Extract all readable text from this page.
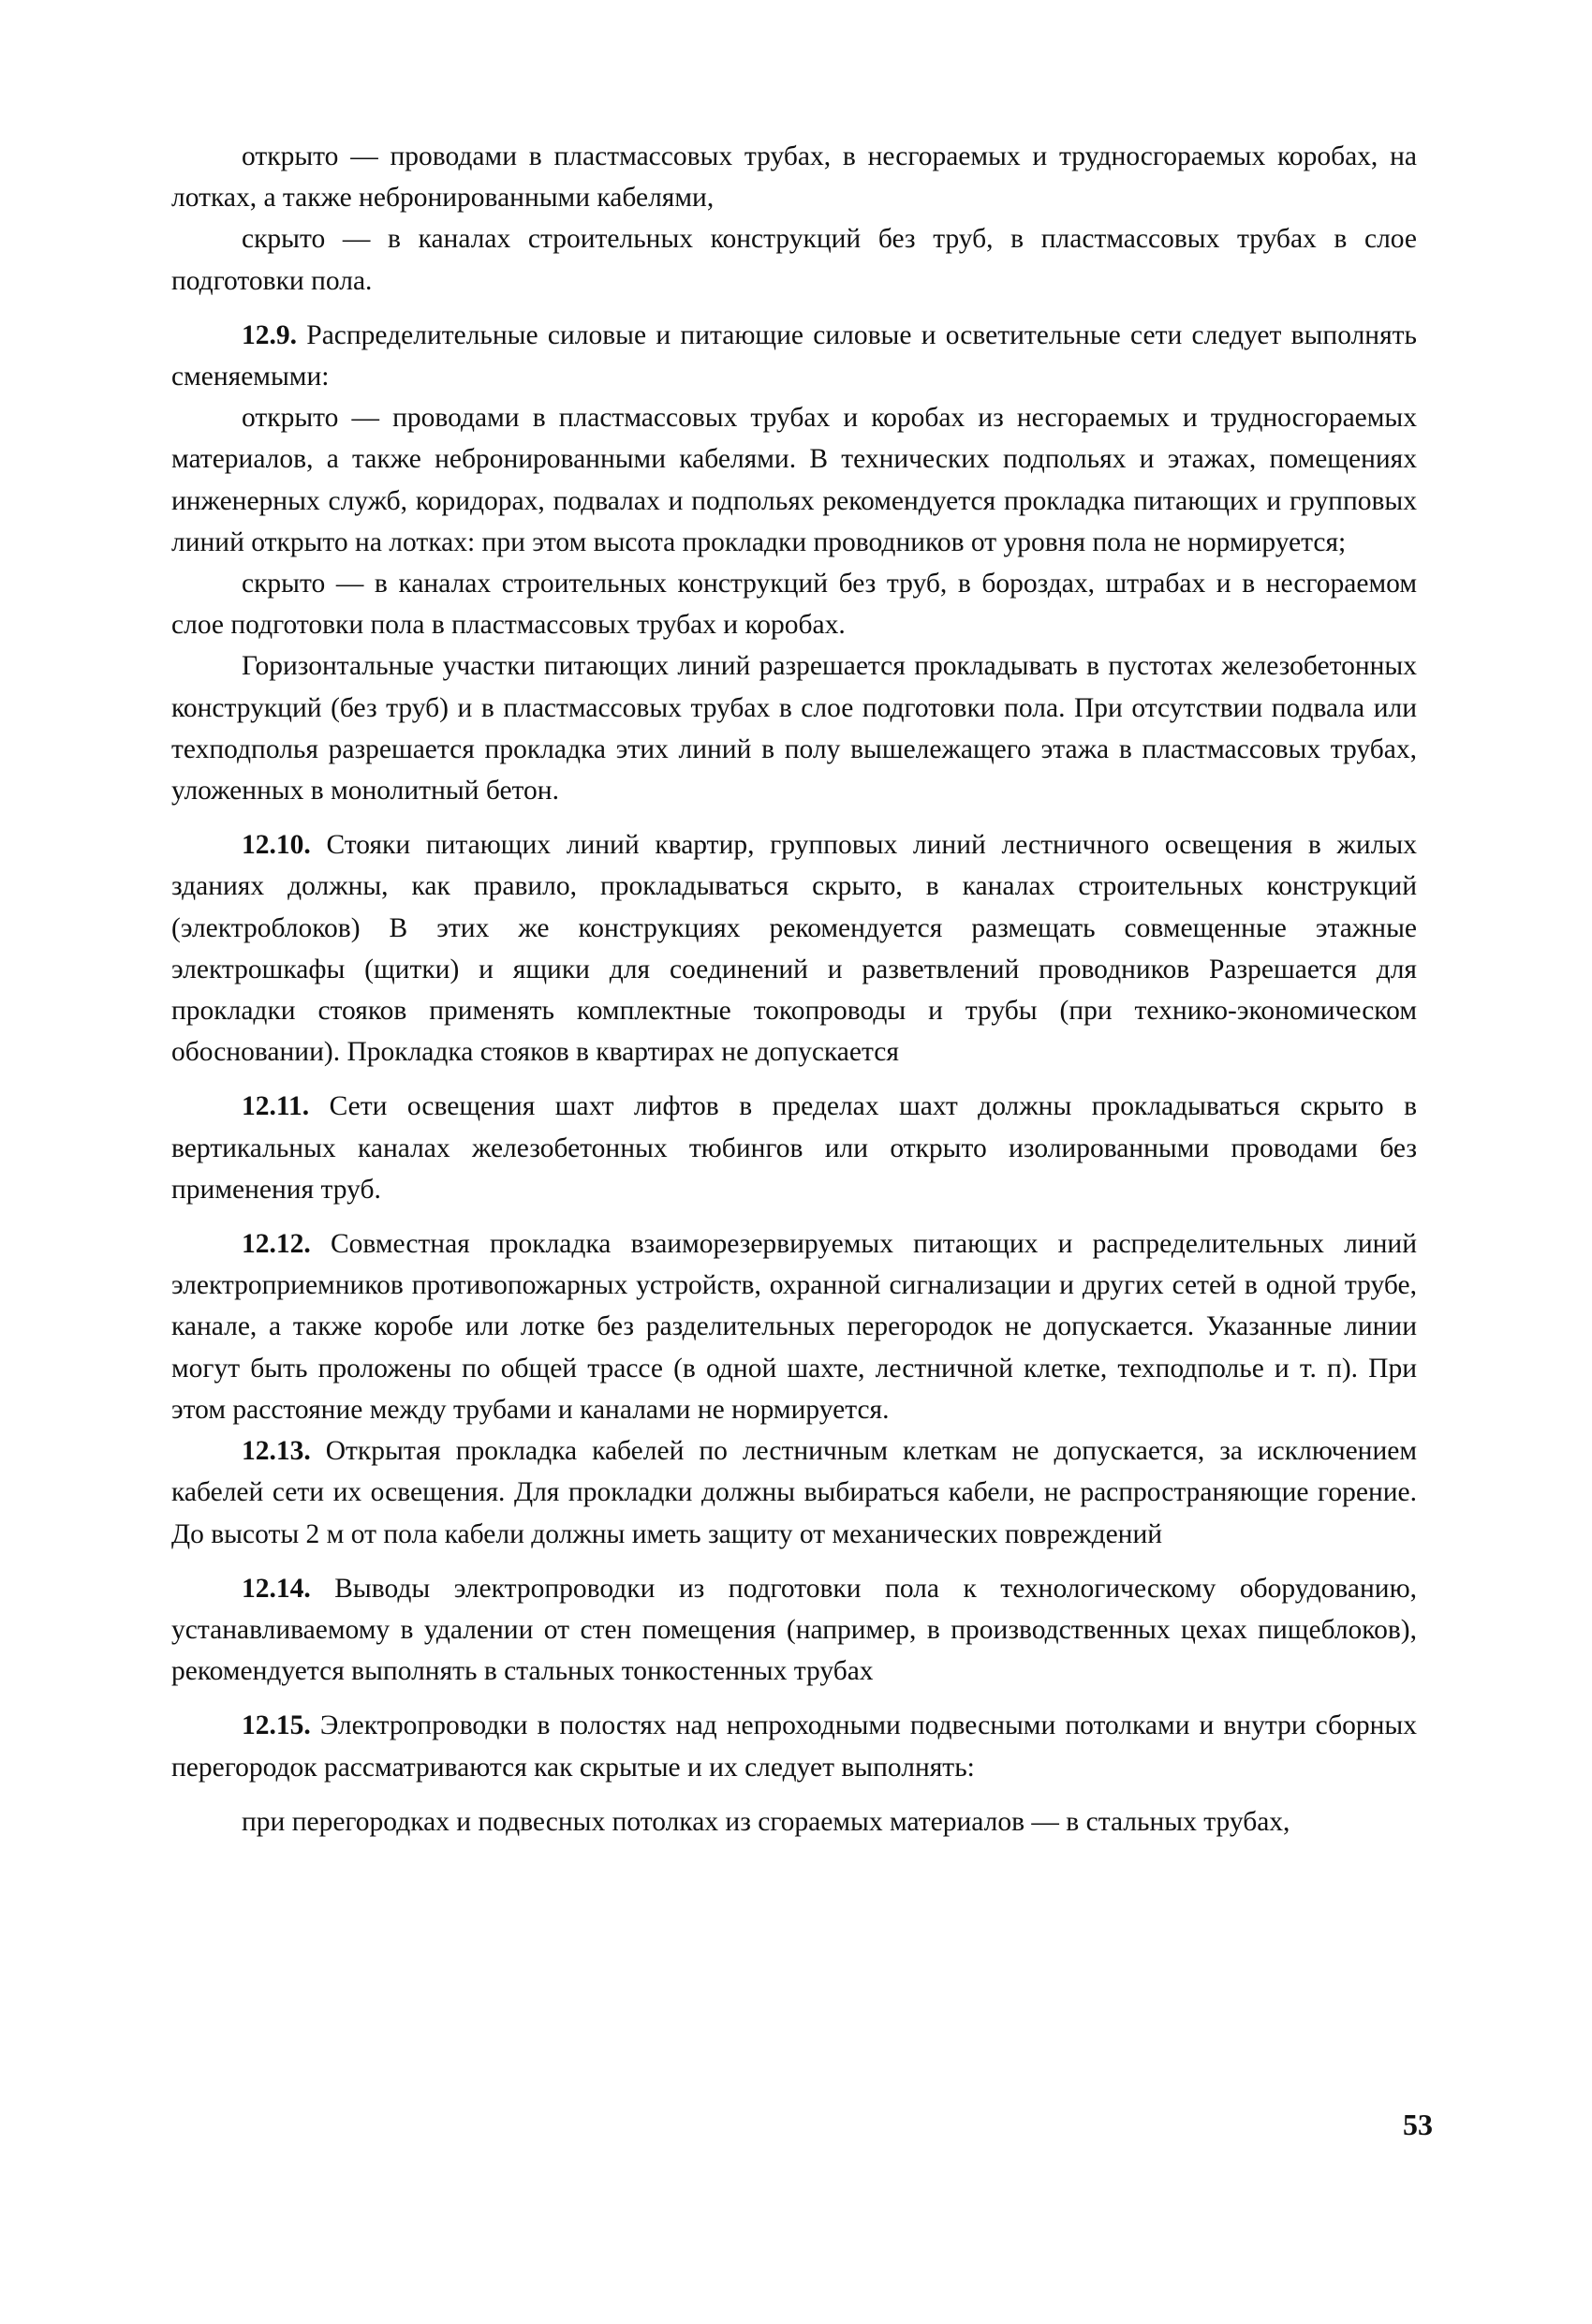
открыто — проводами в пластмассовых трубах, в несгораемых и трудносгораемых коробах, на лотках, а также небронированными кабелями,

скрыто — в каналах строительных конструкций без труб, в пластмассовых трубах в слое подготовки пола.

12.9. Распределительные силовые и питающие силовые и осветительные сети следует выполнять сменяемыми:

открыто — проводами в пластмассовых трубах и коробах из несгораемых и трудносгораемых материалов, а также небронированными кабелями. В технических подпольях и этажах, помещениях инженерных служб, коридорах, подвалах и подпольях рекомендуется прокладка питающих и групповых линий открыто на лотках: при этом высота прокладки проводников от уровня пола не нормируется;

скрыто — в каналах строительных конструкций без труб, в бороздах, штрабах и в несгораемом слое подготовки пола в пластмассовых трубах и коробах.

Горизонтальные участки питающих линий разрешается прокладывать в пустотах железобетонных конструкций (без труб) и в пластмассовых трубах в слое подготовки пола. При отсутствии подвала или техподполья разрешается прокладка этих линий в полу вышележащего этажа в пластмассовых трубах, уложенных в монолитный бетон.

12.10. Стояки питающих линий квартир, групповых линий лестничного освещения в жилых зданиях должны, как правило, прокладываться скрыто, в каналах строительных конструкций (электроблоков) В этих же конструкциях рекомендуется размещать совмещенные этажные электрошкафы (щитки) и ящики для соединений и разветвлений проводников Разрешается для прокладки стояков применять комплектные токопроводы и трубы (при технико-экономическом обосновании). Прокладка стояков в квартирах не допускается

12.11. Сети освещения шахт лифтов в пределах шахт должны прокладываться скрыто в вертикальных каналах железобетонных тюбингов или открыто изолированными проводами без применения труб.

12.12. Совместная прокладка взаиморезервируемых питающих и распределительных линий электроприемников противопожарных устройств, охранной сигнализации и других сетей в одной трубе, канале, а также коробе или лотке без разделительных перегородок не допускается. Указанные линии могут быть проложены по общей трассе (в одной шахте, лестничной клетке, техподполье и т. п). При этом расстояние между трубами и каналами не нормируется.

12.13. Открытая прокладка кабелей по лестничным клеткам не допускается, за исключением кабелей сети их освещения. Для прокладки должны выбираться кабели, не распространяющие горение. До высоты 2 м от пола кабели должны иметь защиту от механических повреждений

12.14. Выводы электропроводки из подготовки пола к технологическому оборудованию, устанавливаемому в удалении от стен помещения (например, в производственных цехах пищеблоков), рекомендуется выполнять в стальных тонкостенных трубах

12.15. Электропроводки в полостях над непроходными подвесными потолками и внутри сборных перегородок рассматриваются как скрытые и их следует выполнять:

при перегородках и подвесных потолках из сгораемых материалов — в стальных трубах,

53
